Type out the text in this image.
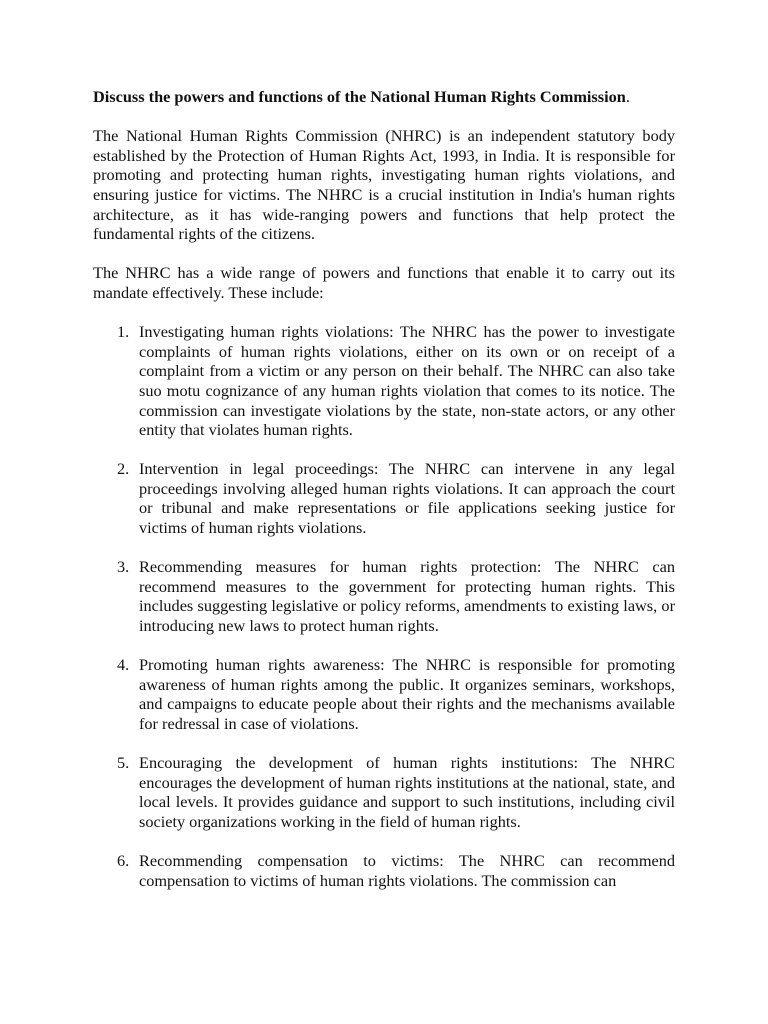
Discuss the powers and functions of the National Human Rights Commission.

The National Human Rights Commission (NHRC) is an independent statutory body established by the Protection of Human Rights Act, 1993, in India. It is responsible for promoting and protecting human rights, investigating human rights violations, and ensuring justice for victims. The NHRC is a crucial institution in India's human rights architecture, as it has wide-ranging powers and functions that help protect the fundamental rights of the citizens.

The NHRC has a wide range of powers and functions that enable it to carry out its mandate effectively. These include:

1. Investigating human rights violations: The NHRC has the power to investigate complaints of human rights violations, either on its own or on receipt of a complaint from a victim or any person on their behalf. The NHRC can also take suo motu cognizance of any human rights violation that comes to its notice. The commission can investigate violations by the state, non-state actors, or any other entity that violates human rights.
2. Intervention in legal proceedings: The NHRC can intervene in any legal proceedings involving alleged human rights violations. It can approach the court or tribunal and make representations or file applications seeking justice for victims of human rights violations.
3. Recommending measures for human rights protection: The NHRC can recommend measures to the government for protecting human rights. This includes suggesting legislative or policy reforms, amendments to existing laws, or introducing new laws to protect human rights.
4. Promoting human rights awareness: The NHRC is responsible for promoting awareness of human rights among the public. It organizes seminars, workshops, and campaigns to educate people about their rights and the mechanisms available for redressal in case of violations.
5. Encouraging the development of human rights institutions: The NHRC encourages the development of human rights institutions at the national, state, and local levels. It provides guidance and support to such institutions, including civil society organizations working in the field of human rights.
6. Recommending compensation to victims: The NHRC can recommend compensation to victims of human rights violations. The commission can
